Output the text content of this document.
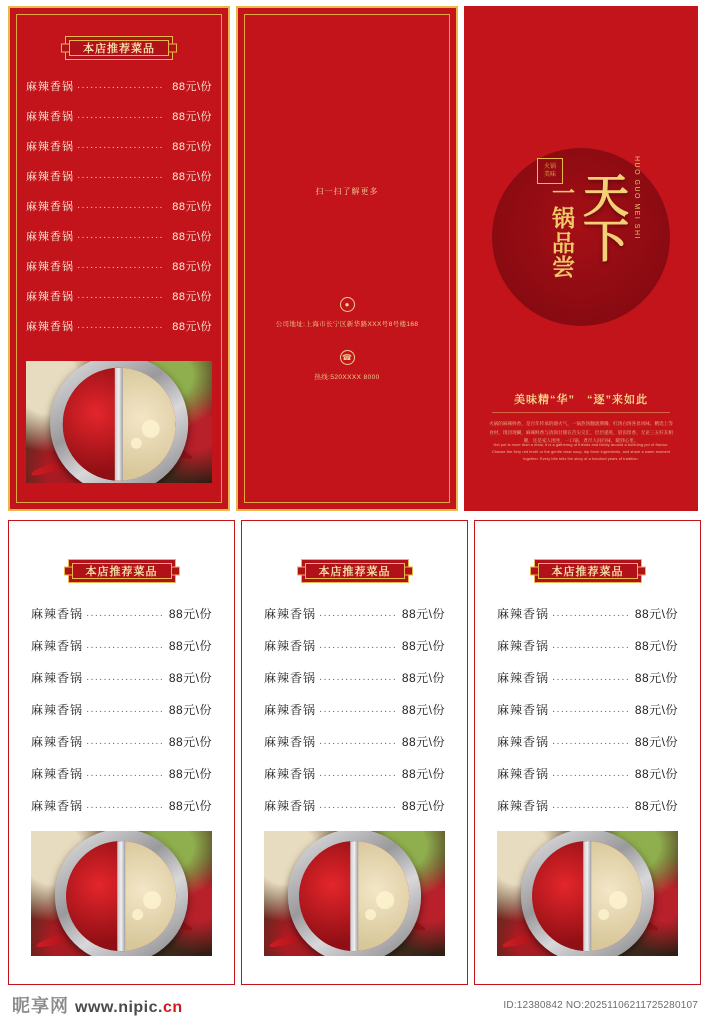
本店推荐菜品
麻辣香锅 ···················· 88元\份
麻辣香锅 ···················· 88元\份
麻辣香锅 ···················· 88元\份
麻辣香锅 ···················· 88元\份
麻辣香锅 ···················· 88元\份
麻辣香锅 ···················· 88元\份
麻辣香锅 ···················· 88元\份
麻辣香锅 ···················· 88元\份
麻辣香锅 ···················· 88元\份
扫一扫了解更多
●
公司地址:上海市长宁区新华路XXX号8号楼168
☎
热线:520XXXX 8000
火锅
美味
一
锅
品
尝
天
下
HUO GUO MEI SHI
美味精“华”　“逐”来如此
火锅的麻辣鲜香，是百年传承的烟火气，一锅热汤翻滚沸腾，红汤白汤各显风味。精选上等食材，现切现涮，麻辣鲜香与清润甘甜在舌尖交汇，层层递进，唇齿留香。无论三五好友相聚，还是家人围坐，一口锅，煮尽人间百味，暖到心里。
Hot pot is more than a meal, it is a gathering of friends and family around a bubbling pot of flavour. Choose the fiery red broth or the gentle clear soup, dip fresh ingredients, and share a warm moment together. Every bite tells the story of a hundred years of tradition.
本店推荐菜品
麻辣香锅 ·················· 88元\份
麻辣香锅 ·················· 88元\份
麻辣香锅 ·················· 88元\份
麻辣香锅 ·················· 88元\份
麻辣香锅 ·················· 88元\份
麻辣香锅 ·················· 88元\份
麻辣香锅 ·················· 88元\份
本店推荐菜品
麻辣香锅 ·················· 88元\份
麻辣香锅 ·················· 88元\份
麻辣香锅 ·················· 88元\份
麻辣香锅 ·················· 88元\份
麻辣香锅 ·················· 88元\份
麻辣香锅 ·················· 88元\份
麻辣香锅 ·················· 88元\份
本店推荐菜品
麻辣香锅 ·················· 88元\份
麻辣香锅 ·················· 88元\份
麻辣香锅 ·················· 88元\份
麻辣香锅 ·················· 88元\份
麻辣香锅 ·················· 88元\份
麻辣香锅 ·················· 88元\份
麻辣香锅 ·················· 88元\份
昵享网 www.nipic.cn	ID:12380842 NO:20251106211725280107
